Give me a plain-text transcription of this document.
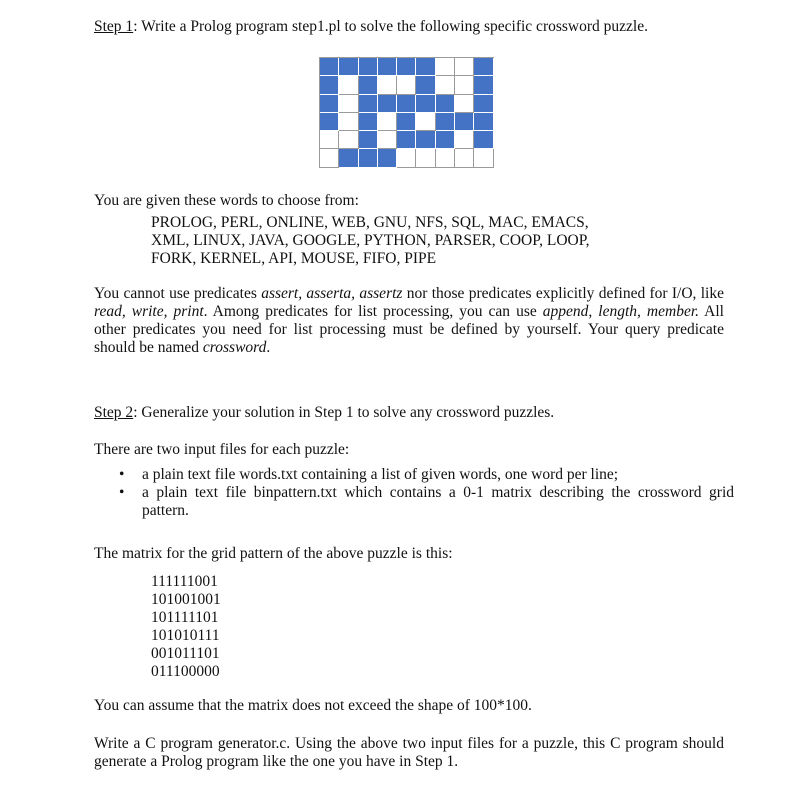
Step 1: Write a Prolog program step1.pl to solve the following specific crossword puzzle.
You are given these words to choose from:
PROLOG, PERL, ONLINE, WEB, GNU, NFS, SQL, MAC, EMACS,
XML, LINUX, JAVA, GOOGLE, PYTHON, PARSER, COOP, LOOP,
FORK, KERNEL, API, MOUSE, FIFO, PIPE
You cannot use predicates assert, asserta, assertz nor those predicates explicitly defined for I/O, like read, write, print. Among predicates for list processing, you can use append, length, member. All other predicates you need for list processing must be defined by yourself. Your query predicate should be named crossword.
Step 2: Generalize your solution in Step 1 to solve any crossword puzzles.
There are two input files for each puzzle:
• a plain text file words.txt containing a list of given words, one word per line;
• a plain text file binpattern.txt which contains a 0-1 matrix describing the crossword grid pattern.
The matrix for the grid pattern of the above puzzle is this:
111111001
101001001
101111101
101010111
001011101
011100000
You can assume that the matrix does not exceed the shape of 100*100.
Write a C program generator.c. Using the above two input files for a puzzle, this C program should generate a Prolog program like the one you have in Step 1.
